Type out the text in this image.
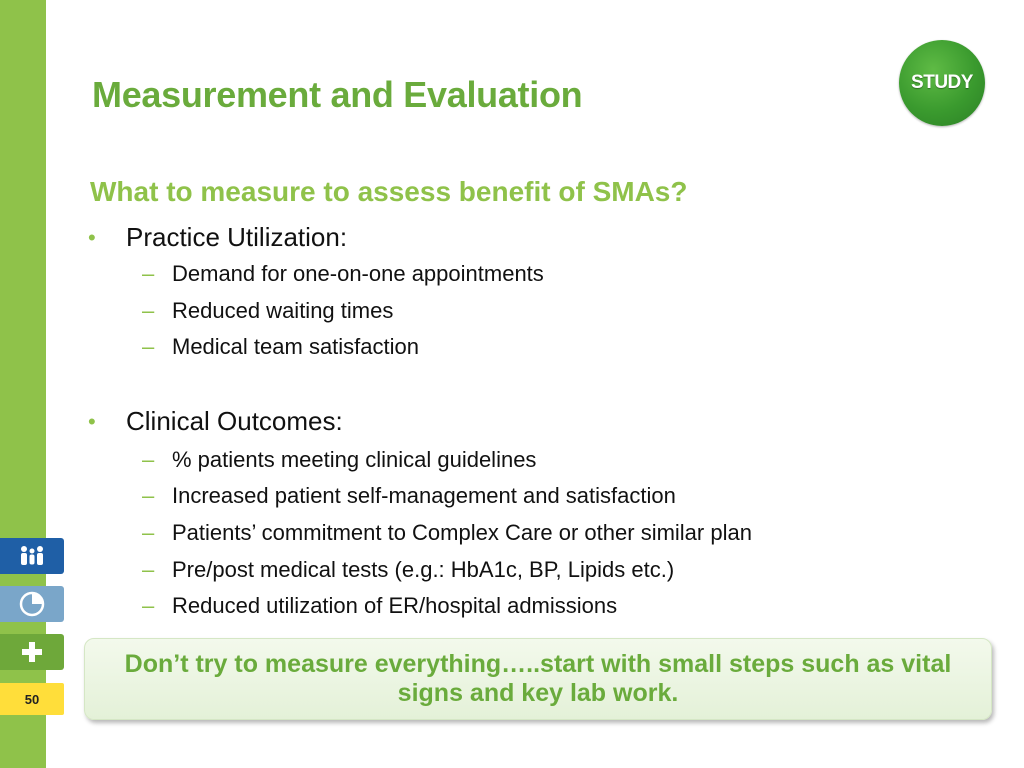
50
Measurement and Evaluation	STUDY
What to measure to assess benefit of SMAs?
•	Practice Utilization:
– Demand for one-on-one appointments
– Reduced waiting times
– Medical team satisfaction
•	Clinical Outcomes:
– % patients meeting clinical guidelines
– Increased patient self-management and satisfaction
– Patients’ commitment to Complex Care or other similar plan
– Pre/post medical tests (e.g.: HbA1c, BP, Lipids etc.)
– Reduced utilization of ER/hospital admissions
Don’t try to measure everything…..start with small steps such as vital signs and key lab work.
